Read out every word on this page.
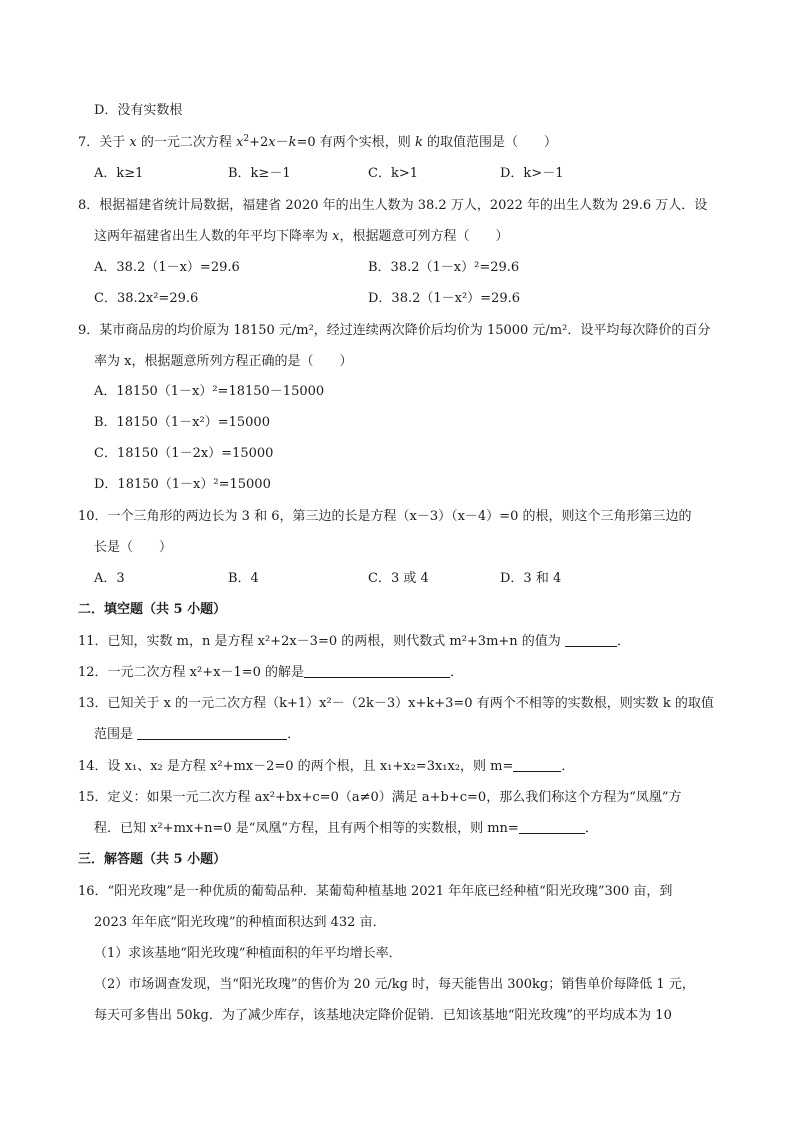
D．没有实数根
7．关于 x 的一元二次方程 $x^2+2x-k=0$ 有两个实根，则 k 的取值范围是（　　）
A．k≥1	B．k≥－1	C．k>1	D．k>－1
8．根据福建省统计局数据，福建省 2020 年的出生人数为 38.2 万人，2022 年的出生人数为 29.6 万人．设
这两年福建省出生人数的年平均下降率为 x，根据题意可列方程（　　）
A．38.2（1－x）=29.6	B．38.2（1－x）²=29.6
C．38.2x²=29.6	D．38.2（1－x²）=29.6
9．某市商品房的均价原为 18150 元/m²，经过连续两次降价后均价为 15000 元/m²．设平均每次降价的百分
率为 x，根据题意所列方程正确的是（　　）
A．18150（1－x）²=18150－15000
B．18150（1－x²）=15000
C．18150（1－2x）=15000
D．18150（1－x）²=15000
10．一个三角形的两边长为 3 和 6，第三边的长是方程（x－3）（x－4）=0 的根，则这个三角形第三边的
长是（　　）
A．3	B．4	C．3 或 4	D．3 和 4
二．填空题（共 5 小题）
11．已知，实数 m，n 是方程 x²+2x－3=0 的两根，则代数式 m²+3m+n 的值为	．
12．一元二次方程 x²+x－1=0 的解是	．
13．已知关于 x 的一元二次方程（k+1）x²－（2k－3）x+k+3=0 有两个不相等的实数根，则实数 k 的取值
范围是	．
14．设 x₁、x₂ 是方程 x²+mx－2=0 的两个根，且 x₁+x₂=3x₁x₂，则 m=	．
15．定义：如果一元二次方程 ax²+bx+c=0（a≠0）满足 a+b+c=0，那么我们称这个方程为“凤凰”方
程．已知 x²+mx+n=0 是“凤凰”方程，且有两个相等的实数根，则 mn=	．
三．解答题（共 5 小题）
16．“阳光玫瑰”是一种优质的葡萄品种．某葡萄种植基地 2021 年年底已经种植“阳光玫瑰”300 亩，到
2023 年年底“阳光玫瑰”的种植面积达到 432 亩．
（1）求该基地“阳光玫瑰”种植面积的年平均增长率．
（2）市场调查发现，当“阳光玫瑰”的售价为 20 元/kg 时，每天能售出 300kg；销售单价每降低 1 元，
每天可多售出 50kg．为了减少库存，该基地决定降价促销．已知该基地“阳光玫瑰”的平均成本为 10
